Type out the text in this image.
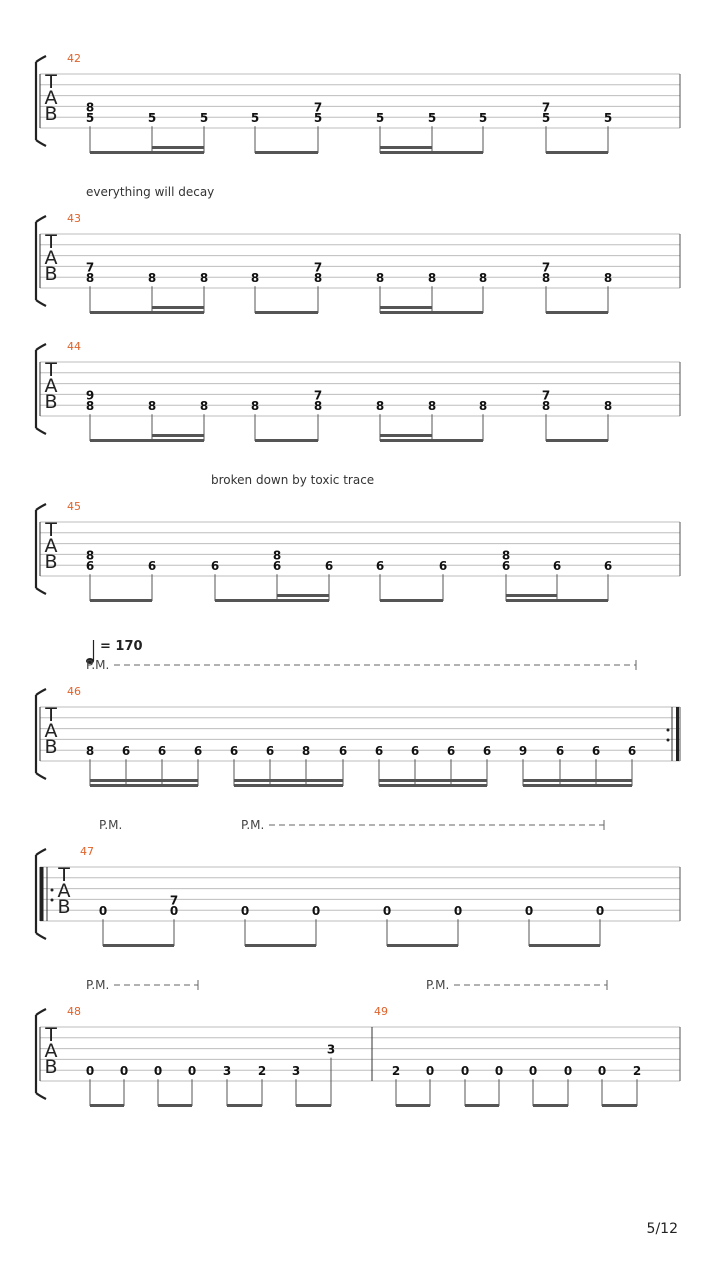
T
A
B
42
8
5	5	5	5
7
5	5	5	5
7
5	5
T
A
B
43
7
8	8	8	8
7
8	8	8	8
7
8	8
T
A
B
44
9
8	8	8	8
7
8	8	8	8
7
8	8
T
A
B
45
8
6	6	6
8
6	6	6	6
8
6	6	6
T
A
B
46
8 6 6 6 6 6 8 6 6 6 6 6 9 6 6 6
T
A
B
47
0
7
0	0	0	0	0	0	0
T
A
B
48
0 0 0 0 3 2 3
3
49
2 0 0 0 0 0 0 2
everything will decay
broken down by toxic trace
= 170
P.M.
P.M.	P.M.
P.M.	P.M.
5/12
